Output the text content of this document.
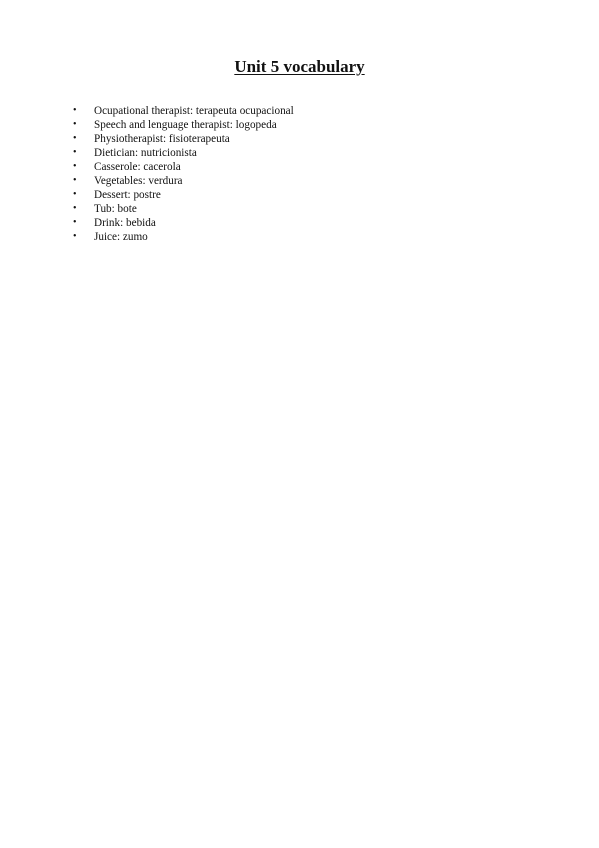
Unit 5 vocabulary
• Ocupational therapist: terapeuta ocupacional
• Speech and lenguage therapist: logopeda
• Physiotherapist: fisioterapeuta
• Dietician: nutricionista
• Casserole: cacerola
• Vegetables: verdura
• Dessert: postre
• Tub: bote
• Drink: bebida
• Juice: zumo
